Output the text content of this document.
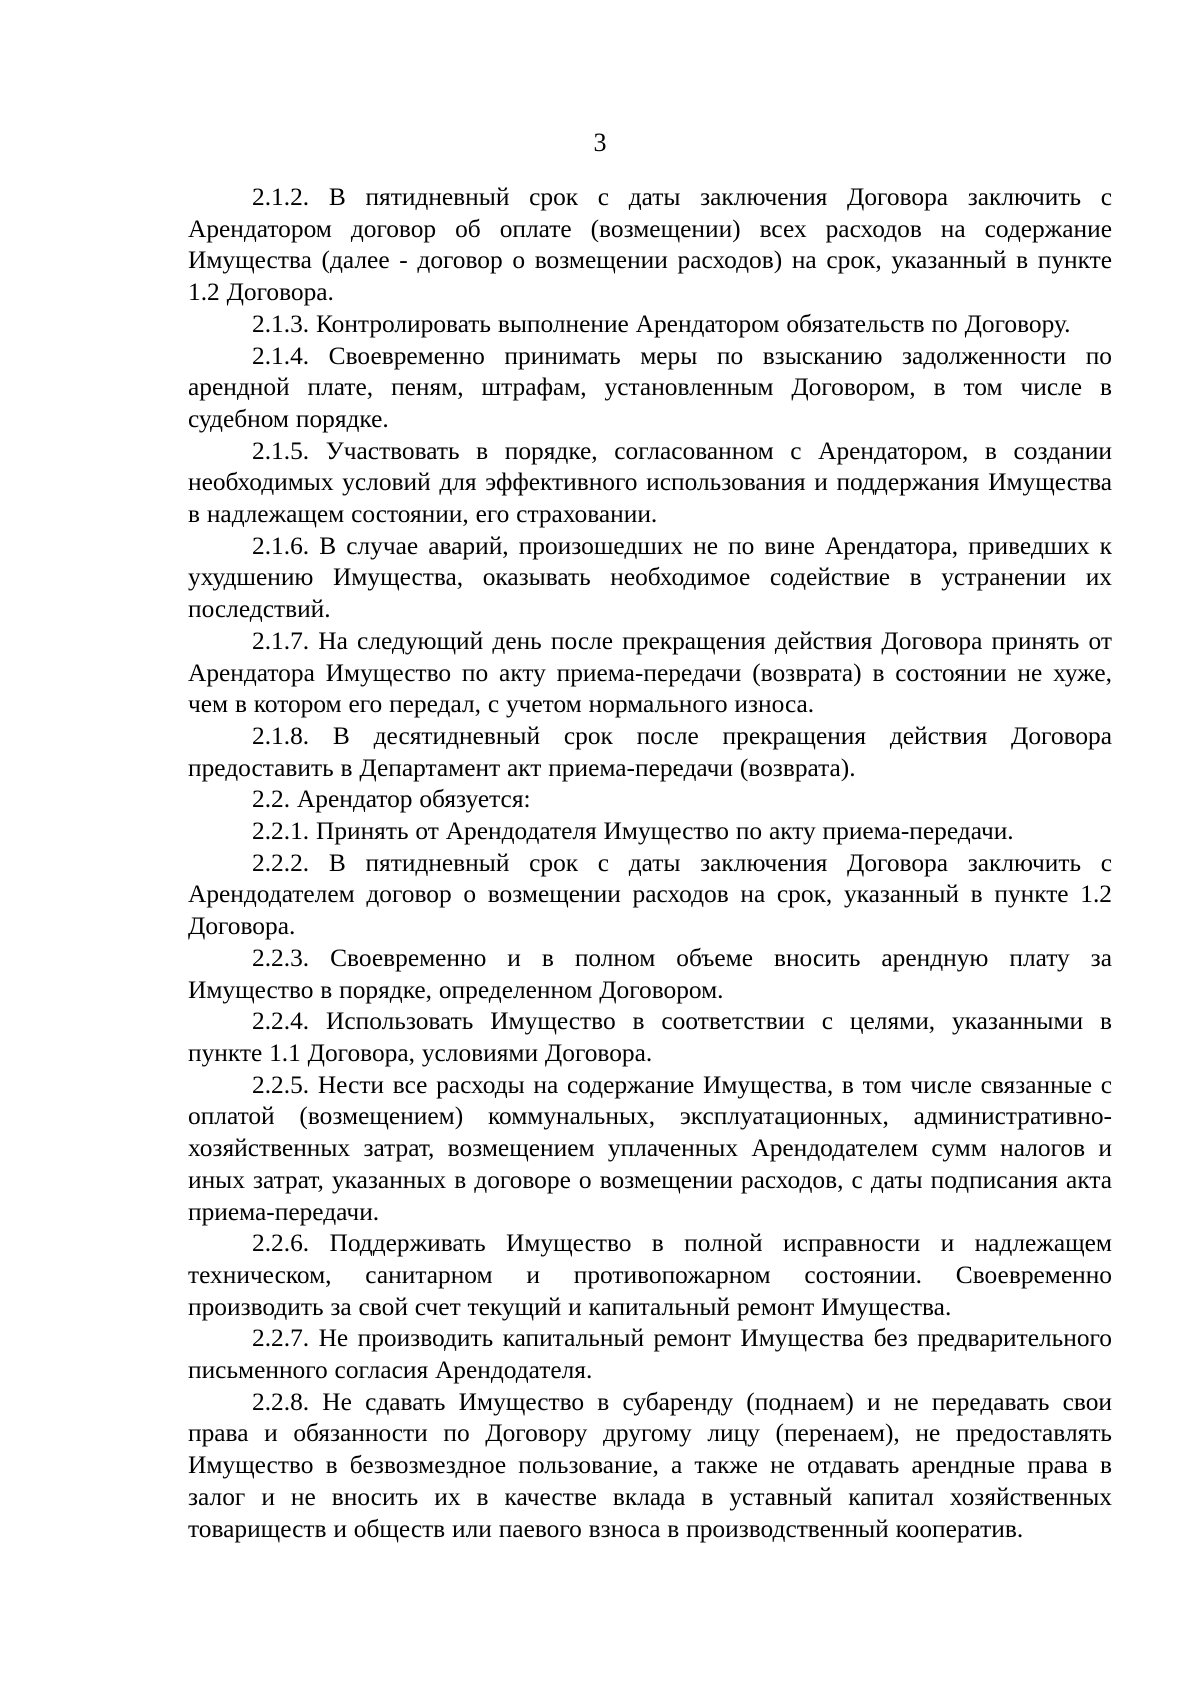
3

2.1.2. В пятидневный срок с даты заключения Договора заключить с Арендатором договор об оплате (возмещении) всех расходов на содержание Имущества (далее - договор о возмещении расходов) на срок, указанный в пункте 1.2 Договора.

2.1.3. Контролировать выполнение Арендатором обязательств по Договору.

2.1.4. Своевременно принимать меры по взысканию задолженности по арендной плате, пеням, штрафам, установленным Договором, в том числе в судебном порядке.

2.1.5. Участвовать в порядке, согласованном с Арендатором, в создании необходимых условий для эффективного использования и поддержания Имущества в надлежащем состоянии, его страховании.

2.1.6. В случае аварий, произошедших не по вине Арендатора, приведших к ухудшению Имущества, оказывать необходимое содействие в устранении их последствий.

2.1.7. На следующий день после прекращения действия Договора принять от Арендатора Имущество по акту приема-передачи (возврата) в состоянии не хуже, чем в котором его передал, с учетом нормального износа.

2.1.8. В десятидневный срок после прекращения действия Договора предоставить в Департамент акт приема-передачи (возврата).

2.2. Арендатор обязуется:

2.2.1. Принять от Арендодателя Имущество по акту приема-передачи.

2.2.2. В пятидневный срок с даты заключения Договора заключить с Арендодателем договор о возмещении расходов на срок, указанный в пункте 1.2 Договора.

2.2.3. Своевременно и в полном объеме вносить арендную плату за Имущество в порядке, определенном Договором.

2.2.4. Использовать Имущество в соответствии с целями, указанными в пункте 1.1 Договора, условиями Договора.

2.2.5. Нести все расходы на содержание Имущества, в том числе связанные с оплатой (возмещением) коммунальных, эксплуатационных, административно-хозяйственных затрат, возмещением уплаченных Арендодателем сумм налогов и иных затрат, указанных в договоре о возмещении расходов, с даты подписания акта приема-передачи.

2.2.6. Поддерживать Имущество в полной исправности и надлежащем техническом, санитарном и противопожарном состоянии. Своевременно производить за свой счет текущий и капитальный ремонт Имущества.

2.2.7. Не производить капитальный ремонт Имущества без предварительного письменного согласия Арендодателя.

2.2.8. Не сдавать Имущество в субаренду (поднаем) и не передавать свои права и обязанности по Договору другому лицу (перенаем), не предоставлять Имущество в безвозмездное пользование, а также не отдавать арендные права в залог и не вносить их в качестве вклада в уставный капитал хозяйственных товариществ и обществ или паевого взноса в производственный кооператив.
